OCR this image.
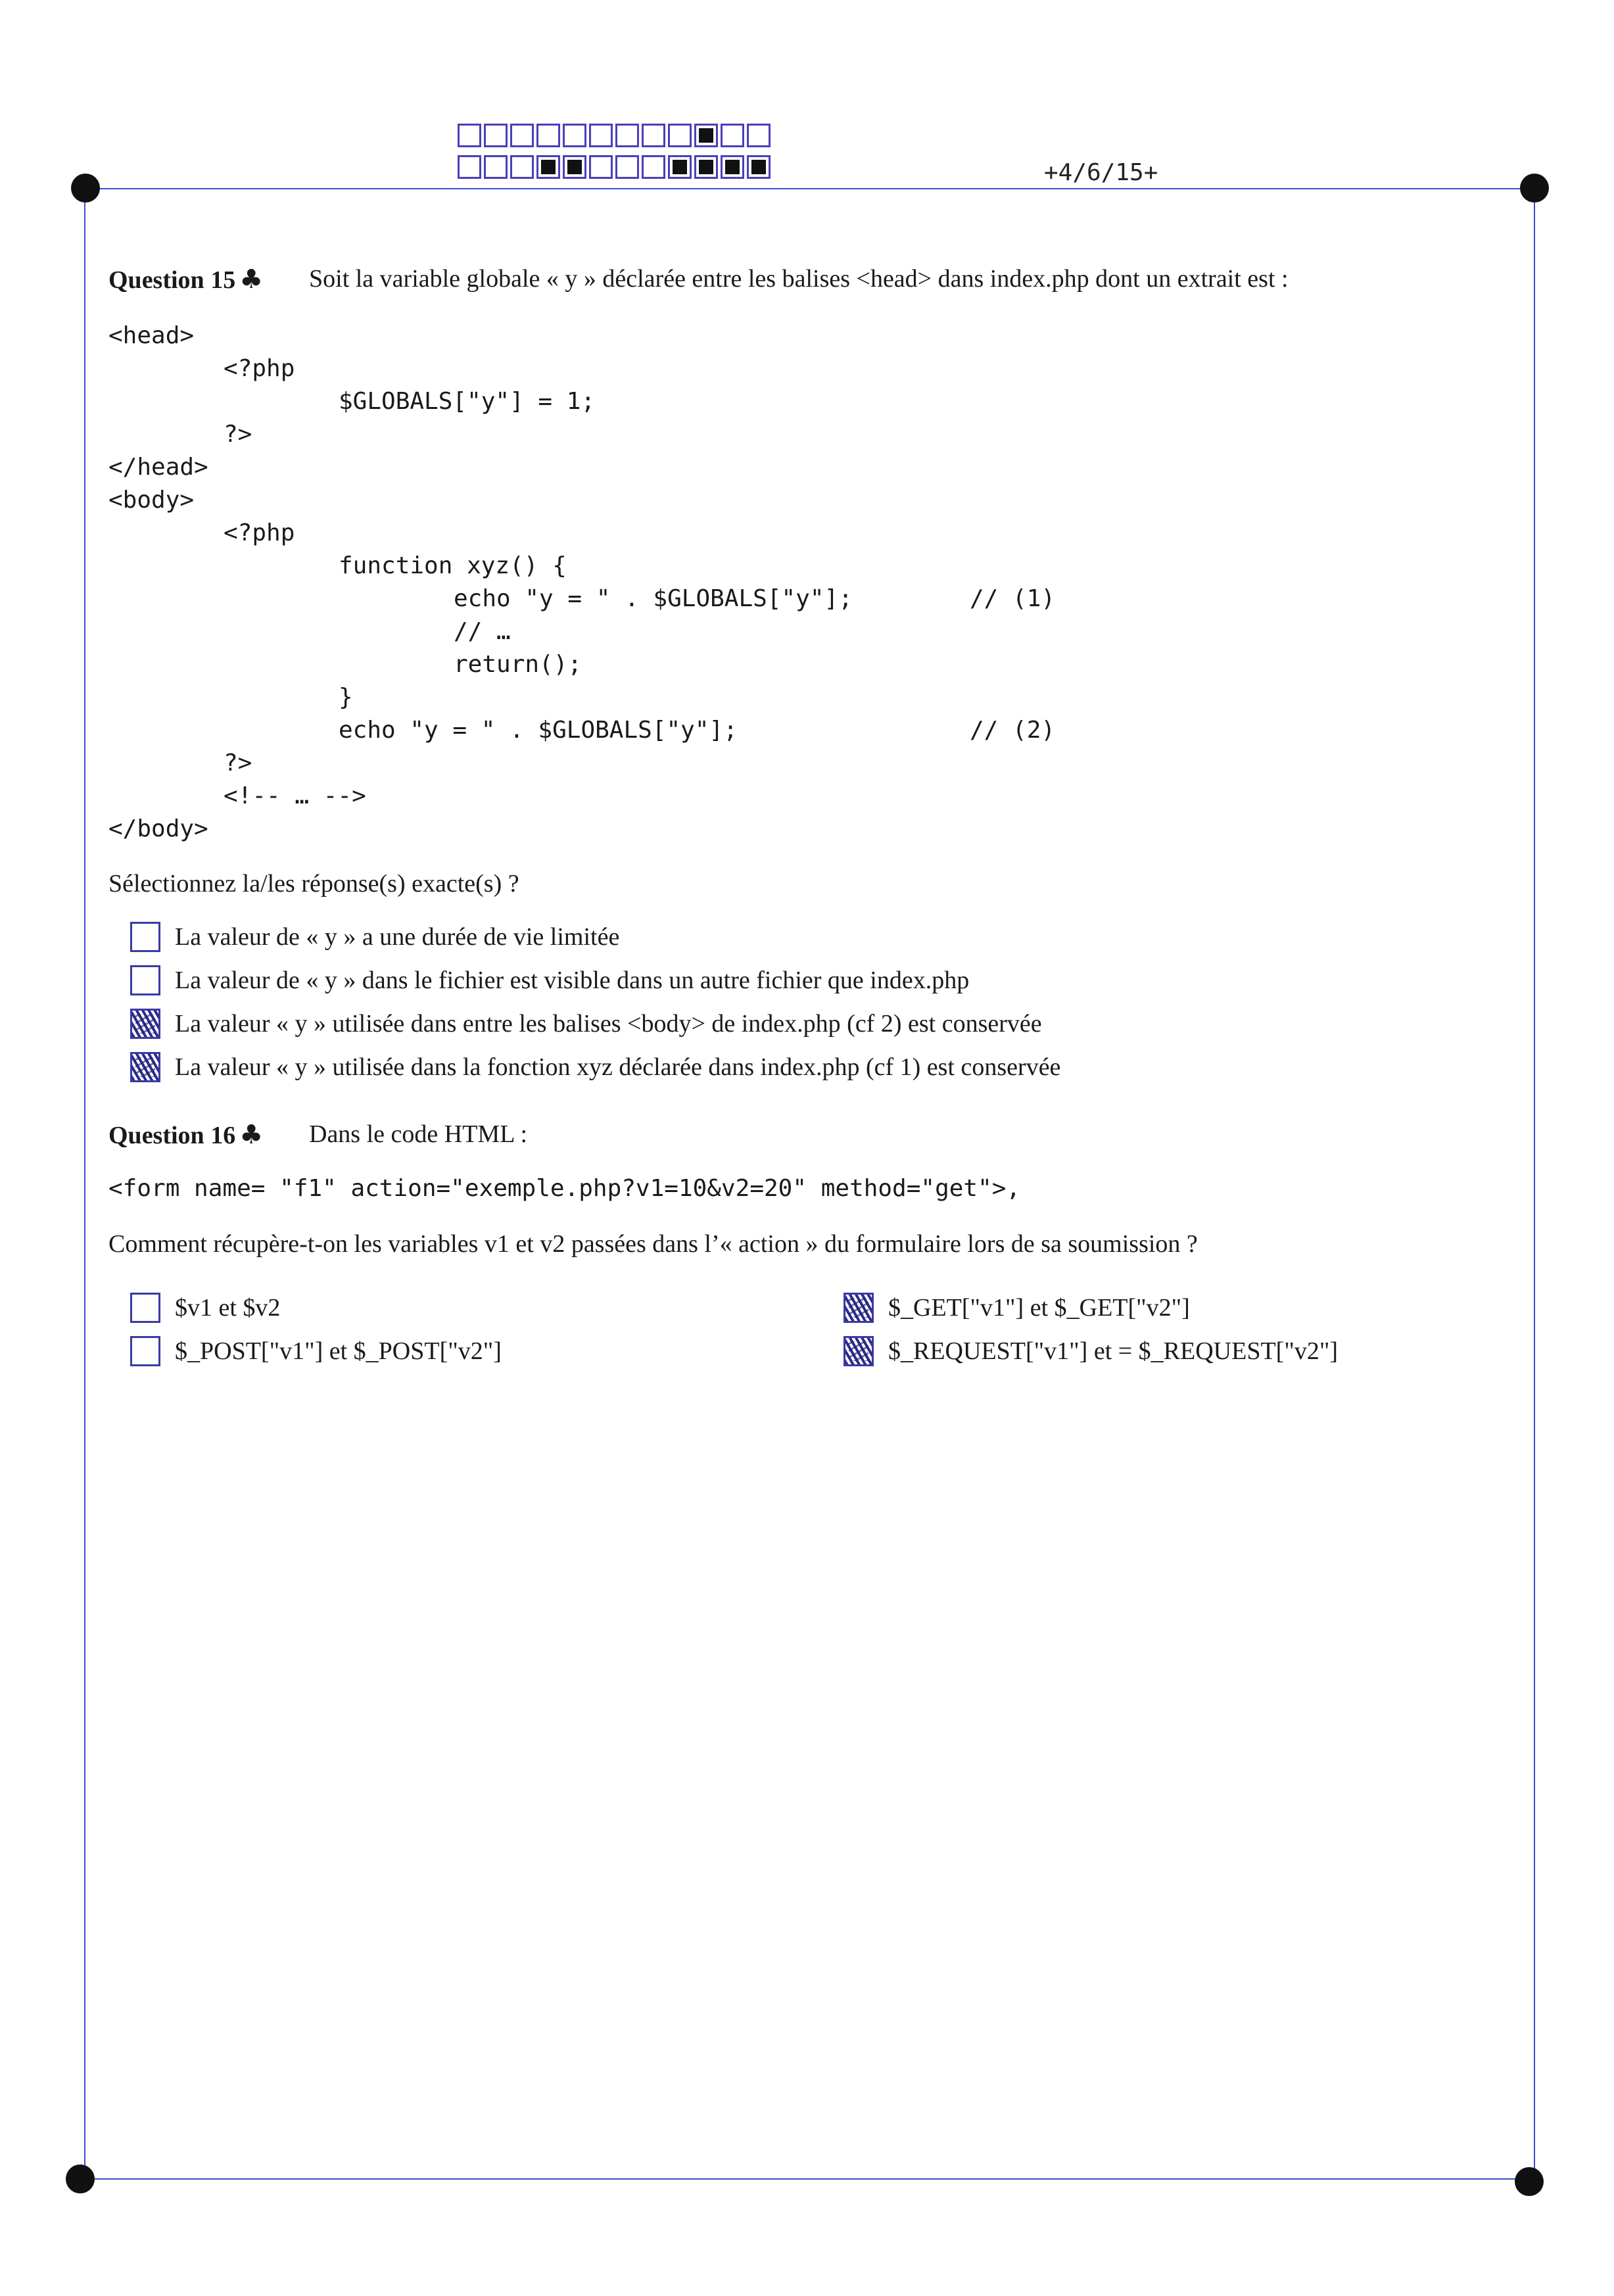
+4/6/15+
Question 15 ♣ Soit la variable globale « y » déclarée entre les balises <head> dans index.php dont un extrait est :
<head>
<?php
$GLOBALS["y"] = 1;
?>
</head>
<body>
<?php
function xyz() {
echo "y = " . $GLOBALS["y"];	// (1)
// …
return();
}
echo "y = " . $GLOBALS["y"];	// (2)
?>
<!-- … -->
</body>
Sélectionnez la/les réponse(s) exacte(s) ?
La valeur de « y » a une durée de vie limitée
La valeur de « y » dans le fichier est visible dans un autre fichier que index.php
La valeur « y » utilisée dans entre les balises <body> de index.php (cf 2) est conservée
La valeur « y » utilisée dans la fonction xyz déclarée dans index.php (cf 1) est conservée
Question 16 ♣ Dans le code HTML :
<form name= "f1" action="exemple.php?v1=10&v2=20" method="get">,
Comment récupère-t-on les variables v1 et v2 passées dans l’« action » du formulaire lors de sa soumission ?
$v1 et $v2
$_POST["v1"] et $_POST["v2"]
$_GET["v1"] et $_GET["v2"]
$_REQUEST["v1"] et = $_REQUEST["v2"]
